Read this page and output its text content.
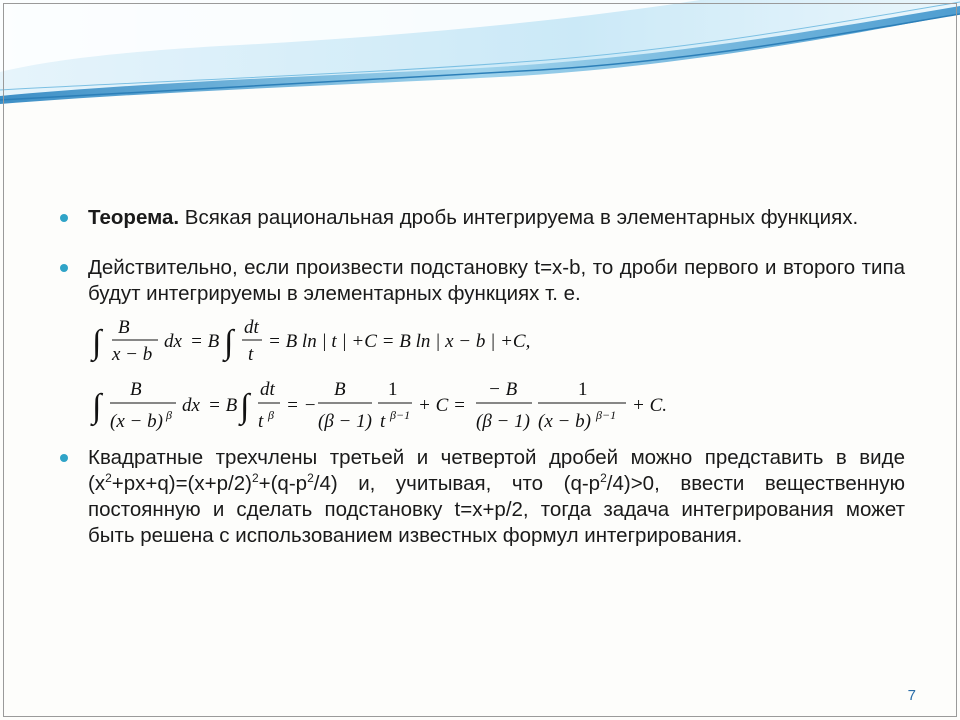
Теорема. Всякая рациональная дробь интегрируема в элементарных функциях.
Действительно, если произвести подстановку t=x-b, то дроби первого и второго типа будут интегрируемы в элементарных функциях т. е.
∫ B
x − b
dx = B ∫ dt
t
= B ln | t | +C = B ln | x − b | +C,
∫ B
(x − b) β dx = B ∫ dt
t β = −
B
(β − 1)
1
t β−1 + C =
− B
(β − 1)
1
(x − b) β−1 + C.
Квадратные трехчлены третьей и четвертой дробей можно представить в виде $(x^2+px+q)=(x+p/2)^2+(q-p^2/4)$ и, учитывая, что $(q-p^2/4)>0$, ввести вещественную постоянную и сделать подстановку t=x+p/2, тогда задача интегрирования может быть решена с использованием известных формул интегрирования.
7
